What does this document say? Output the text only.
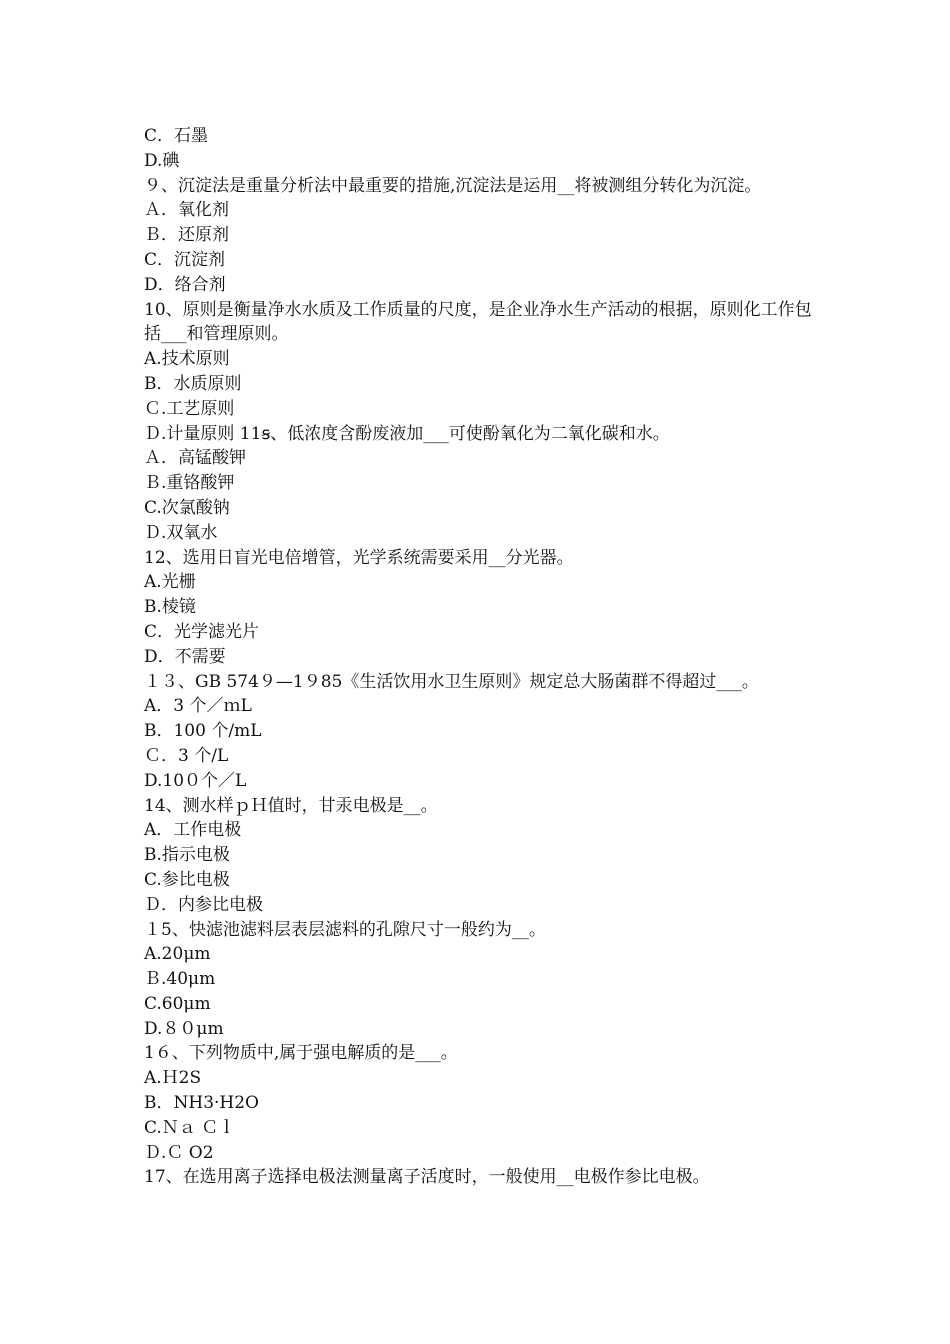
C．石墨

D.碘

９、沉淀法是重量分析法中最重要的措施,沉淀法是运用__将被测组分转化为沉淀。

Ａ．氧化剂

Ｂ．还原剂

C．沉淀剂

D．络合剂

10、原则是衡量净水水质及工作质量的尺度，是企业净水生产活动的根据，原则化工作包括___和管理原则。

A.技术原则

B．水质原则

Ｃ.工艺原则

Ｄ.计量原则 11ꞩ、低浓度含酚废液加___可使酚氧化为二氧化碳和水。

Ａ．高锰酸钾

Ｂ.重铬酸钾

C.次氯酸钠

Ｄ.双氧水

12、选用日盲光电倍增管，光学系统需要采用__分光器。

A.光栅

B.棱镜

C．光学滤光片

D．不需要

１３、GB 574９—1９85《生活饮用水卫生原则》规定总大肠菌群不得超过___。

A．3 个／ｍL

B．100 个/mL

Ｃ．3 个/L

D.10０个／L

14、测水样ｐＨ值时，甘汞电极是__。

A．工作电极

B.指示电极

C.参比电极

Ｄ．内参比电极

１5、快滤池滤料层表层滤料的孔隙尺寸一般约为__。

A.20μm

Ｂ.40μm

C.60μm

D.８０μm

1６、下列物质中,属于强电解质的是___。

A.Ｈ2S

B．NH3·H2O

C.Ｎａ Ｃｌ

Ｄ.Ｃ O2

17、在选用离子选择电极法测量离子活度时，一般使用__电极作参比电极。
